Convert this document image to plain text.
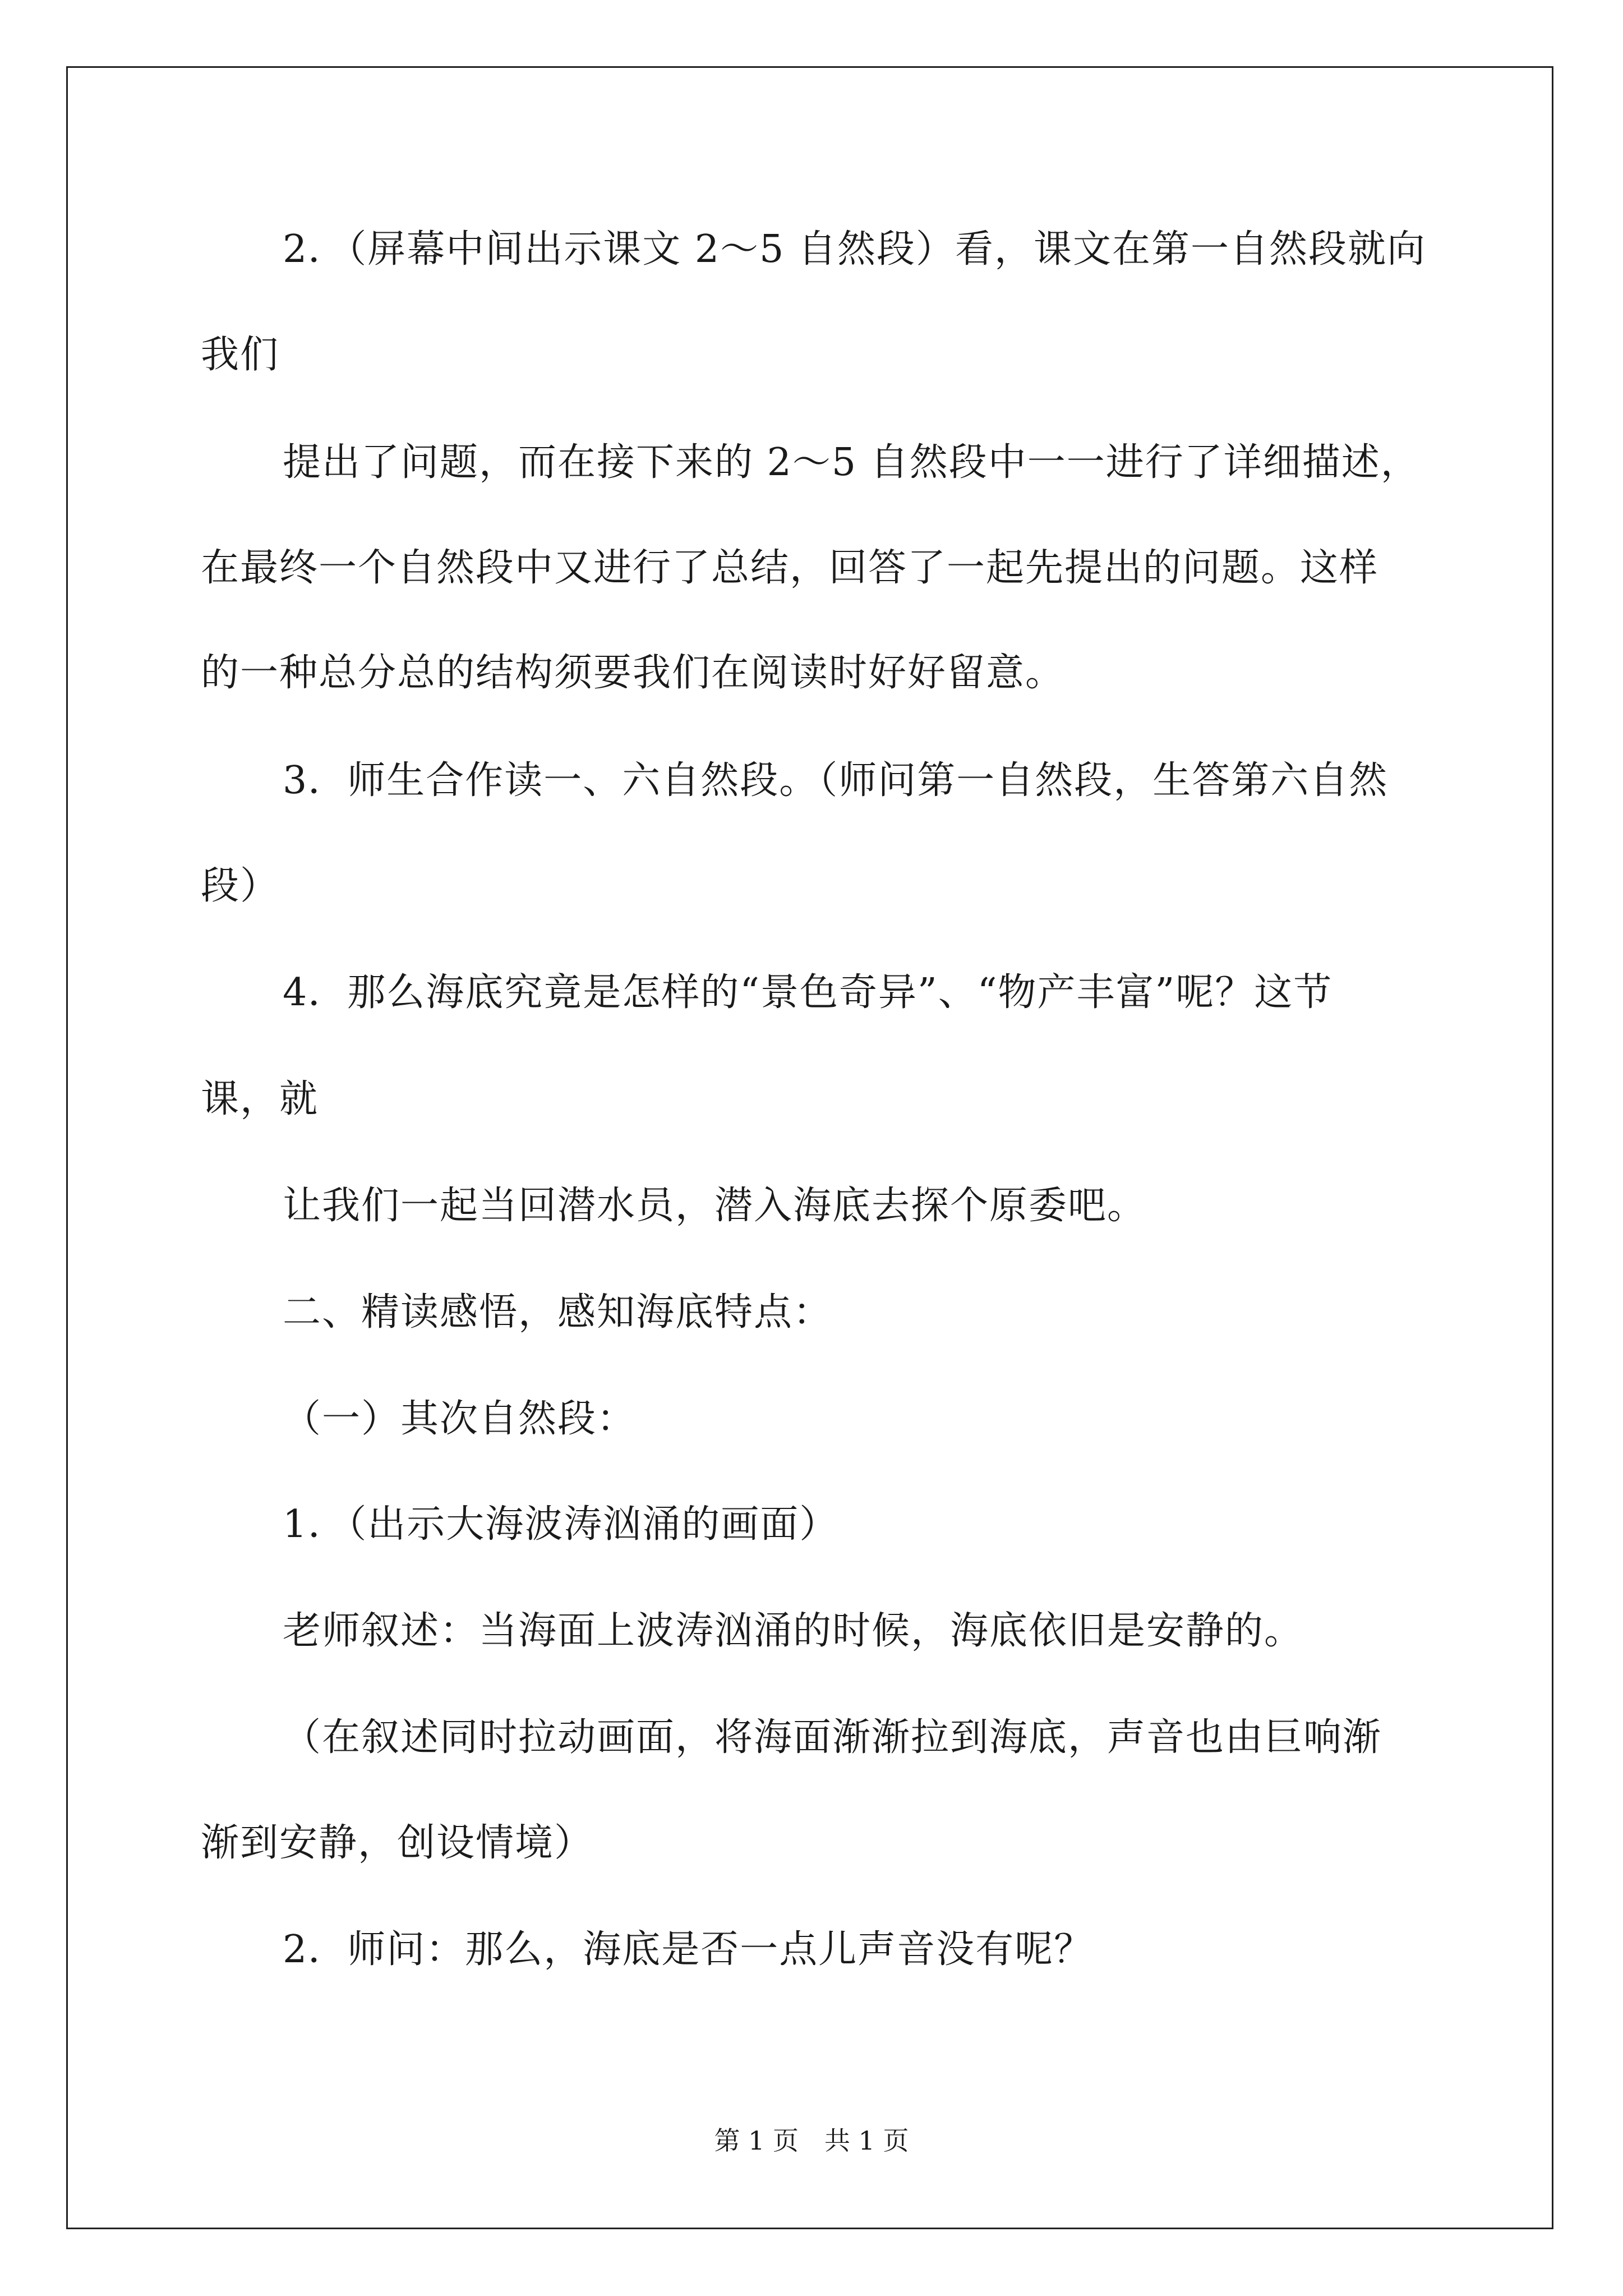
2．（屏幕中间出示课文 2～5 自然段）看，课文在第一自然段就向
我们
提出了问题，而在接下来的 2～5 自然段中一一进行了详细描述，
在最终一个自然段中又进行了总结，回答了一起先提出的问题。这样
的一种总分总的结构须要我们在阅读时好好留意。
3．师生合作读一、六自然段。（师问第一自然段，生答第六自然
段）
4．那么海底究竟是怎样的“景色奇异”、“物产丰富”呢？这节
课，就
让我们一起当回潜水员，潜入海底去探个原委吧。
二、精读感悟，感知海底特点：
（一）其次自然段：
1．（出示大海波涛汹涌的画面）
老师叙述：当海面上波涛汹涌的时候，海底依旧是安静的。
（在叙述同时拉动画面，将海面渐渐拉到海底，声音也由巨响渐
渐到安静，创设情境）
2．师问：那么，海底是否一点儿声音没有呢？
第 1 页　共 1 页
